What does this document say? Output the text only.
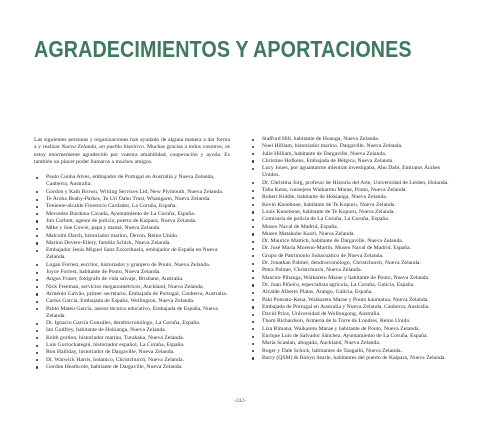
AGRADECIMIENTOS Y APORTACIONES

Las siguientes personas y organizaciones han ayudado de alguna manera a dar forma a y realizar Nueva Zelanda, un pueblo histórico. Muchas gracias a todos vosotros, os estoy enormemente agradecido por vuestra amabilidad, cooperación y ayuda. Es también un placer poder llamaros a muchos amigos.

Paulo Cunha Alves, embajador de Portugal en Australia y Nueva Zelanda, Canberra, Australia.
Gordon y Kath Brown, Writing Services Ltd, New Plymouth, Nueva Zelanda.
Te Aroha Beaby-Parkes, Te Uri Oahu Trust, Whangarei, Nueva Zelanda.
Teniente-alcalde Florencio Cardador, La Coruña, España.
Mercedes Bordona Cavada, Ayuntamiento de La Coruña, España.
Jim Corbett, agente de policía, puerto de Kaipara, Nueva Zelanda.
Mike y Sue Cowie, papá y mamá, Nueva Zelanda.
Malcolm Darch, historiador marino, Devon, Reino Unido.
Marion Devere-Ellery, familia Schick, Nueva Zelanda.
Embajador Jesús Miguel Sanz Escorihuela, embajador de España en Nueva Zelanda.
Logan Forrest, escritor, historiador y granjero de Pouto, Nueva Zelanda.
Joyce Forrest, habitante de Pouto, Nueva Zelanda.
Angus Fraser, fotógrafo de vida salvaje, Brisbane, Australia.
Nick Freeman, servicios meganométricos, Auckland, Nueva Zelanda.
Arménio Galvão, primer secretario, Embajada de Portugal, Canberra, Australia.
Carlos García, Embajada de España, Wellington, Nueva Zelanda.
Pablo Mateu García, asesor técnico educativo, Embajada de España, Nueva Zelanda.
Dr. Ignacio García Gonzáles, dendrocronólogo, La Coruña, España.
Ian Godfrey, habitante de Hokianga, Nueva Zelanda.
Keith gordon, historiador marino, Turakaka, Nueva Zelanda.
Luis Gorrochategui, historiador español, La Coruña, España.
Ron Halliday, historiador de Dargaville, Nueva Zelanda.
Dr. Warwick Harris, botánico, Christchurch, Nueva Zelanda.
Gordon Heathcote, habitante de Dargaville, Nueva Zelanda.
Stafford Hill, habitante de Hoanga, Nueva Zelanda.
Noel Hilliam, historiador marino, Dargaville, Nueva Zelanda.
Julie Hilliam, habitante de Dargaville, Nueva Zelanda.
Christine Hofkens, Embajada de Bélgica, Nueva Zelanda.
Lucy Jones, por aguantarme mientras investigaba, Abu Dabi, Emiratos Árabes Unidos.
Dr. Christina Jorg, profesor de Historia del Arte, Universidad de Leiden, Holanda.
Tahu Kena, consejero Waikaretu Marae, Pouto, Nueva Zelanda.
Robert Kiddle, habitante de Hokianga, Nueva Zelanda.
Kevin Knoebone, habitante de Te Kopuru, Nueva Zelanda.
Louis Knoebone, habitante de Te Kopuru, Nueva Zelanda.
Comisaría de policía de La Coruña, La Coruña, España.
Museo Naval de Madrid, España.
Museo Matakohe Kauri, Nueva Zelanda.
Dr. Maurice Mattich, habitante de Dargaville, Nueva Zelanda.
Dr. José María Moreno-Martín, Museo Naval de Madrid, España.
Grupo de Patrimonio Subacuático de Nueva Zelanda.
Dr. Jonathan Palmer, dendrocronólogo, Christchurch, Nueva Zelanda.
Petra Palmer, Christchurch, Nueva Zelanda.
Maurice Pihanga, Waikaretu Marae y habitante de Pouto, Nueva Zelanda.
Dr. Juan Piñeiro, especialista agrícola, La Coruña, Galicia, España.
Alcalde Alberto Platas, Arango, Galicia, España.
Paki Ponsato-Kena, Waikaretu Marae y Pouto kaumatua, Nueva Zelanda.
Embajada de Portugal en Australia y Nueva Zelanda, Canberra, Australia.
David Price, Universidad de Wollongong, Australia.
Thom Richardson, Armería de la Torre de Londres, Reino Unido.
Liza Rimana, Waikaretu Marae y habitante de Pouto, Nueva Zelanda.
Enrique Luis de Salvador Sánchez, Ayuntamiento de La Coruña, España.
María Scanlan, abogada, Auckland, Nueva Zelanda.
Roger y Dale Schick, habitantes de Tangaihi, Nueva Zelanda.
Barry (QSM) & Robyn Searle, habitantes del puerto de Kaipara, Nueva Zelanda.
-242-
